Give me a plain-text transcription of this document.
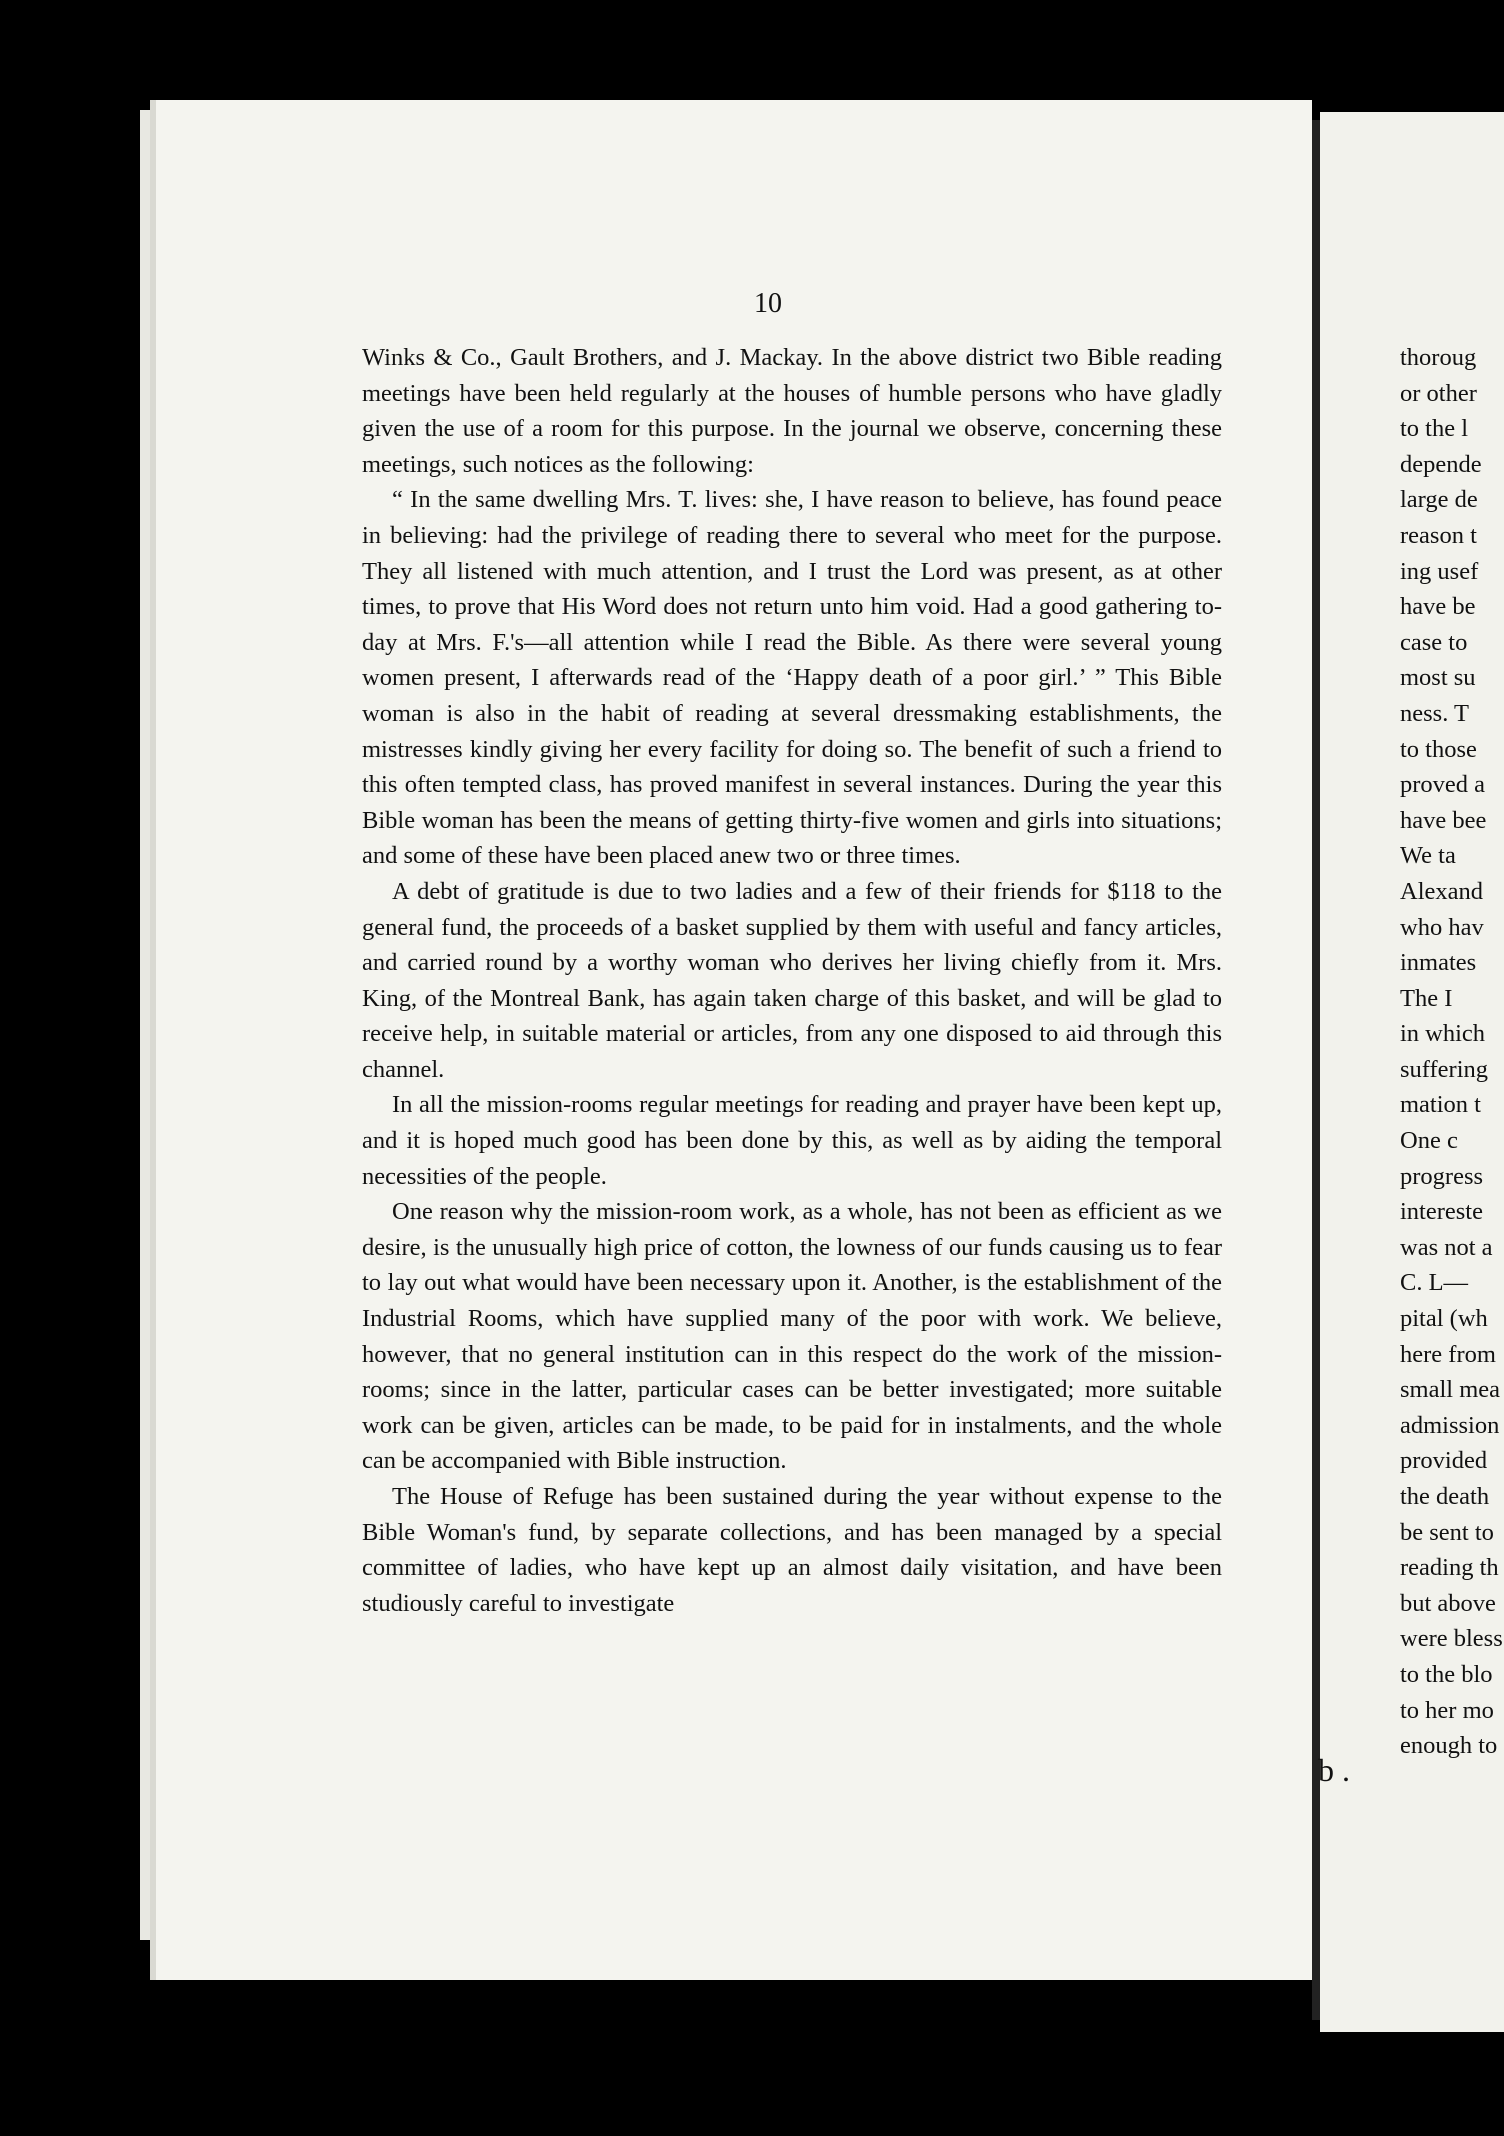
10

Winks & Co., Gault Brothers, and J. Mackay. In the above district two Bible reading meetings have been held regularly at the houses of humble persons who have gladly given the use of a room for this purpose. In the journal we observe, concerning these meetings, such notices as the following:

“ In the same dwelling Mrs. T. lives: she, I have reason to believe, has found peace in believing: had the privilege of reading there to several who meet for the purpose. They all listened with much attention, and I trust the Lord was present, as at other times, to prove that His Word does not return unto him void. Had a good gathering to-day at Mrs. F.'s—all attention while I read the Bible. As there were several young women present, I afterwards read of the ‘Happy death of a poor girl.’ ” This Bible woman is also in the habit of reading at several dressmaking establishments, the mistresses kindly giving her every facility for doing so. The benefit of such a friend to this often tempted class, has proved manifest in several instances. During the year this Bible woman has been the means of getting thirty-five women and girls into situations; and some of these have been placed anew two or three times.

A debt of gratitude is due to two ladies and a few of their friends for $118 to the general fund, the proceeds of a basket supplied by them with useful and fancy articles, and carried round by a worthy woman who derives her living chiefly from it. Mrs. King, of the Montreal Bank, has again taken charge of this basket, and will be glad to receive help, in suitable material or articles, from any one disposed to aid through this channel.

In all the mission-rooms regular meetings for reading and prayer have been kept up, and it is hoped much good has been done by this, as well as by aiding the temporal necessities of the people.

One reason why the mission-room work, as a whole, has not been as efficient as we desire, is the unusually high price of cotton, the lowness of our funds causing us to fear to lay out what would have been necessary upon it. Another, is the establishment of the Industrial Rooms, which have supplied many of the poor with work. We believe, however, that no general institution can in this respect do the work of the mission-rooms; since in the latter, particular cases can be better investigated; more suitable work can be given, articles can be made, to be paid for in instalments, and the whole can be accompanied with Bible instruction.

The House of Refuge has been sustained during the year without expense to the Bible Woman's fund, by separate collections, and has been managed by a special committee of ladies, who have kept up an almost daily visitation, and have been studiously careful to investigate

thoroug
or other
to the l
depende
large de
reason t
ing usef
have be
case to
most su
ness. T
to those
proved a
have bee
We ta
Alexand
who hav
inmates
The I
in which
suffering
mation t
One c
progress
intereste
was not a
C. L—
pital (wh
here from
small mea
admission
provided
the death
be sent to
reading th
but above
were bless
to the blo
to her mo
enough to
b .
